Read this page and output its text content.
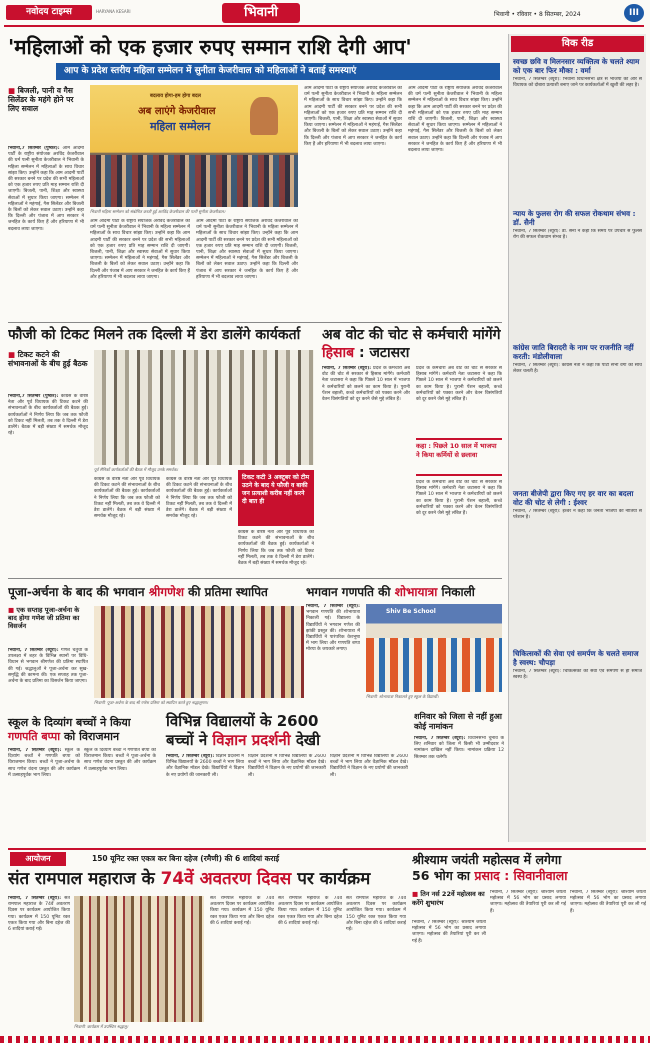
नवोदय टाइम्स	HARYANA KESARI	भिवानी	भिवानी • रविवार • 8 सितम्बर, 2024	III
'महिलाओं को एक हजार रुपए सम्मान राशि देगी आप'
आप के प्रदेश स्तरीय महिला सम्मेलन में सुनीता केजरीवाल को महिलाओं ने बताई समस्याएं
■ बिजली, पानी व गैस सिलेंडर के महंगे होने पर लिए सवाल
भिवानी,7 सितम्बर (पुष्कर): आम आदमी पार्टी के राष्ट्रीय संयोजक अरविंद केजरीवाल की धर्म पत्नी सुनीता केजरीवाल ने भिवानी के महिला सम्मेलन में महिलाओं के साथ विचार सांझा किए। उन्होंने कहा कि आम आदमी पार्टी की सरकार बनने पर प्रदेश की सभी महिलाओं को एक हजार रुपए प्रति माह सम्मान राशि दी जाएगी। बिजली, पानी, शिक्षा और स्वास्थ्य सेवाओं में सुधार किया जाएगा। सम्मेलन में महिलाओं ने महंगाई, गैस सिलेंडर और बिजली के बिलों को लेकर सवाल उठाए। उन्होंने कहा कि दिल्ली और पंजाब में आप सरकार ने जनहित के कार्य किए हैं और हरियाणा में भी बदलाव लाया जाएगा।
बदलाव होगा-हम होगा बदल
अब लाएंगे केजरीवाल
महिला सम्मेलन
भिवानी महिला सम्मेलन को संबोधित करती हुई अरविंद केजरीवाल की पत्नी सुनीता केजरीवाल।
आम आदमी पार्टी के राष्ट्रीय संयोजक अरविंद केजरीवाल की धर्म पत्नी सुनीता केजरीवाल ने भिवानी के महिला सम्मेलन में महिलाओं के साथ विचार सांझा किए। उन्होंने कहा कि आम आदमी पार्टी की सरकार बनने पर प्रदेश की सभी महिलाओं को एक हजार रुपए प्रति माह सम्मान राशि दी जाएगी। बिजली, पानी, शिक्षा और स्वास्थ्य सेवाओं में सुधार किया जाएगा। सम्मेलन में महिलाओं ने महंगाई, गैस सिलेंडर और बिजली के बिलों को लेकर सवाल उठाए। उन्होंने कहा कि दिल्ली और पंजाब में आप सरकार ने जनहित के कार्य किए हैं और हरियाणा में भी बदलाव लाया जाएगा।
आम आदमी पार्टी के राष्ट्रीय संयोजक अरविंद केजरीवाल की धर्म पत्नी सुनीता केजरीवाल ने भिवानी के महिला सम्मेलन में महिलाओं के साथ विचार सांझा किए। उन्होंने कहा कि आम आदमी पार्टी की सरकार बनने पर प्रदेश की सभी महिलाओं को एक हजार रुपए प्रति माह सम्मान राशि दी जाएगी। बिजली, पानी, शिक्षा और स्वास्थ्य सेवाओं में सुधार किया जाएगा। सम्मेलन में महिलाओं ने महंगाई, गैस सिलेंडर और बिजली के बिलों को लेकर सवाल उठाए। उन्होंने कहा कि दिल्ली और पंजाब में आप सरकार ने जनहित के कार्य किए हैं और हरियाणा में भी बदलाव लाया जाएगा।
आम आदमी पार्टी के राष्ट्रीय संयोजक अरविंद केजरीवाल की धर्म पत्नी सुनीता केजरीवाल ने भिवानी के महिला सम्मेलन में महिलाओं के साथ विचार सांझा किए। उन्होंने कहा कि आम आदमी पार्टी की सरकार बनने पर प्रदेश की सभी महिलाओं को एक हजार रुपए प्रति माह सम्मान राशि दी जाएगी। बिजली, पानी, शिक्षा और स्वास्थ्य सेवाओं में सुधार किया जाएगा। सम्मेलन में महिलाओं ने महंगाई, गैस सिलेंडर और बिजली के बिलों को लेकर सवाल उठाए। उन्होंने कहा कि दिल्ली और पंजाब में आप सरकार ने जनहित के कार्य किए हैं और हरियाणा में भी बदलाव लाया जाएगा।
आम आदमी पार्टी के राष्ट्रीय संयोजक अरविंद केजरीवाल की धर्म पत्नी सुनीता केजरीवाल ने भिवानी के महिला सम्मेलन में महिलाओं के साथ विचार सांझा किए। उन्होंने कहा कि आम आदमी पार्टी की सरकार बनने पर प्रदेश की सभी महिलाओं को एक हजार रुपए प्रति माह सम्मान राशि दी जाएगी। बिजली, पानी, शिक्षा और स्वास्थ्य सेवाओं में सुधार किया जाएगा। सम्मेलन में महिलाओं ने महंगाई, गैस सिलेंडर और बिजली के बिलों को लेकर सवाल उठाए। उन्होंने कहा कि दिल्ली और पंजाब में आप सरकार ने जनहित के कार्य किए हैं और हरियाणा में भी बदलाव लाया जाएगा।
फौजी को टिकट मिलने तक दिल्ली में डेरा डालेंगे कार्यकर्ता
■ टिकट कटने की संभावनाओं के बीच हुई बैठक
भिवानी,7 सितम्बर (पुष्कर): कांग्रेस के वरिष्ठ नेता और पूर्व विधायक की टिकट कटने की संभावनाओं के बीच कार्यकर्ताओं की बैठक हुई। कार्यकर्ताओं ने निर्णय लिया कि जब तक फौजी को टिकट नहीं मिलती, तब तक वे दिल्ली में डेरा डालेंगे। बैठक में बड़ी संख्या में समर्थक मौजूद रहे।
पूर्व सैनिकों कार्यकर्ताओं की बैठक में मौजूद उनके समर्थक।
कांग्रेस के वरिष्ठ नेता और पूर्व विधायक की टिकट कटने की संभावनाओं के बीच कार्यकर्ताओं की बैठक हुई। कार्यकर्ताओं ने निर्णय लिया कि जब तक फौजी को टिकट नहीं मिलती, तब तक वे दिल्ली में डेरा डालेंगे। बैठक में बड़ी संख्या में समर्थक मौजूद रहे।
कांग्रेस के वरिष्ठ नेता और पूर्व विधायक की टिकट कटने की संभावनाओं के बीच कार्यकर्ताओं की बैठक हुई। कार्यकर्ताओं ने निर्णय लिया कि जब तक फौजी को टिकट नहीं मिलती, तब तक वे दिल्ली में डेरा डालेंगे। बैठक में बड़ी संख्या में समर्थक मौजूद रहे।
टिकट कटी 3 अक्टूबर को टीम उठने के बाद ये फौजी व बाकी जन प्रत्याशी करीब नहीं करने दी बात ही
कांग्रेस के वरिष्ठ नेता और पूर्व विधायक की टिकट कटने की संभावनाओं के बीच कार्यकर्ताओं की बैठक हुई। कार्यकर्ताओं ने निर्णय लिया कि जब तक फौजी को टिकट नहीं मिलती, तब तक वे दिल्ली में डेरा डालेंगे। बैठक में बड़ी संख्या में समर्थक मौजूद रहे।
अब वोट की चोट से कर्मचारी मांगेंगे हिसाब : जटासरा
भिवानी, 7 सितम्बर (ब्यूरो): प्रदेश के कर्मचारी अब वोट की चोट से सरकार से हिसाब मांगेंगे। कर्मचारी नेता जटासरा ने कहा कि पिछले 10 साल में भाजपा ने कर्मचारियों को छलने का काम किया है। पुरानी पेंशन बहाली, कच्चे कर्मचारियों को पक्का करने और वेतन विसंगतियों को दूर करने जैसे मुद्दे लंबित हैं।
कहा : पिछले 10 साल में भाजपा ने किया कर्मियों से छलावा
प्रदेश के कर्मचारी अब वोट की चोट से सरकार से हिसाब मांगेंगे। कर्मचारी नेता जटासरा ने कहा कि पिछले 10 साल में भाजपा ने कर्मचारियों को छलने का काम किया है। पुरानी पेंशन बहाली, कच्चे कर्मचारियों को पक्का करने और वेतन विसंगतियों को दूर करने जैसे मुद्दे लंबित हैं।
प्रदेश के कर्मचारी अब वोट की चोट से सरकार से हिसाब मांगेंगे। कर्मचारी नेता जटासरा ने कहा कि पिछले 10 साल में भाजपा ने कर्मचारियों को छलने का काम किया है। पुरानी पेंशन बहाली, कच्चे कर्मचारियों को पक्का करने और वेतन विसंगतियों को दूर करने जैसे मुद्दे लंबित हैं।
पूजा-अर्चना के बाद की भगवान श्रीगणेश की प्रतिमा स्थापित
■ एक सप्ताह पूजा-अर्चना के बाद होगा गणेश जी प्रतिमा का विसर्जन
भिवानी, 7 सितम्बर (ब्यूरो): गणेश चतुर्थी के उपलक्ष्य में शहर के विभिन्न स्थानों पर विधि-विधान से भगवान श्रीगणेश की प्रतिमा स्थापित की गई। श्रद्धालुओं ने पूजा-अर्चना कर सुख-समृद्धि की कामना की। एक सप्ताह तक पूजा-अर्चना के बाद प्रतिमा का विसर्जन किया जाएगा।
भिवानी: पूजा-अर्चना के बाद श्री गणेश प्रतिमा को स्थापित करते हुए श्रद्धालुगण।
भगवान गणपति की शोभायात्रा निकाली
भिवानी, 7 सितम्बर (ब्यूरो): भगवान गणपति की शोभायात्रा निकाली गई। विद्यालय के विद्यार्थियों ने भगवान गणेश की झांकी प्रस्तुत की। शोभायात्रा में विद्यार्थियों ने पारंपरिक वेशभूषा में भाग लिया और गणपति बप्पा मोरया के जयकारे लगाए।
Shiv Be School
भिवानी: शोभायात्रा निकालते हुए स्कूल के विद्यार्थी।
स्कूल के दिव्यांग बच्चों ने किया गणपति बप्पा को विराजमान
भिवानी, 7 सितम्बर (ब्यूरो): स्कूल के दिव्यांग बच्चों ने गणपति बप्पा को विराजमान किया। बच्चों ने पूजा-अर्चना के साथ गणेश वंदना प्रस्तुत की और कार्यक्रम में उत्साहपूर्वक भाग लिया।
स्कूल के दिव्यांग बच्चों ने गणपति बप्पा को विराजमान किया। बच्चों ने पूजा-अर्चना के साथ गणेश वंदना प्रस्तुत की और कार्यक्रम में उत्साहपूर्वक भाग लिया।
विभिन्न विद्यालयों के 2600
बच्चों ने विज्ञान प्रदर्शनी देखी
भिवानी, 7 सितम्बर (ब्यूरो): विज्ञान प्रदर्शनी में विभिन्न विद्यालयों के 2600 बच्चों ने भाग लिया और वैज्ञानिक मॉडल देखे। विद्यार्थियों ने विज्ञान के नए प्रयोगों की जानकारी ली।
विज्ञान प्रदर्शनी में विभिन्न विद्यालयों के 2600 बच्चों ने भाग लिया और वैज्ञानिक मॉडल देखे। विद्यार्थियों ने विज्ञान के नए प्रयोगों की जानकारी ली।
विज्ञान प्रदर्शनी में विभिन्न विद्यालयों के 2600 बच्चों ने भाग लिया और वैज्ञानिक मॉडल देखे। विद्यार्थियों ने विज्ञान के नए प्रयोगों की जानकारी ली।
शनिवार को जिला से नहीं हुआ कोई नामांकन
भिवानी, 7 सितम्बर (ब्यूरो): विधानसभा चुनाव के लिए शनिवार को जिला में किसी भी उम्मीदवार ने नामांकन दाखिल नहीं किया। नामांकन प्रक्रिया 12 सितम्बर तक चलेगी।
विक रीड
स्वच्छ छवि व मिलनसार व्यक्तित्व के चलते श्याम को एक बार फिर मौका : वर्मा
भिवानी, 7 सितम्बर (ब्यूरो): भिवानी विधानसभा क्षेत्र से भाजपा की ओर से विधायक को दोबारा प्रत्याशी बनाए जाने पर कार्यकर्ताओं में खुशी की लहर है।
न्याय के फुलस रोग की सफल रोकथाम संभव : डॉ. सैनी
भिवानी, 7 सितम्बर (ब्यूरो): डॉ. सैनी ने कहा कि समय पर उपचार से फुलस रोग की सफल रोकथाम संभव है।
कांग्रेस जाति बिरादरी के नाम पर राजनीति नहीं करती: मंडोलीवाला
भिवानी, 7 सितम्बर (ब्यूरो): कांग्रेस नेता ने कहा कि पार्टी सभी वर्गों को साथ लेकर चलती है।
जनता बीजेपी द्वारा किए गए हर वार का बदला वोट की चोट से लेगी : ईश्वर
भिवानी, 7 सितम्बर (ब्यूरो): ईश्वर ने कहा कि जनता भाजपा की नीतियों से परेशान है।
चिकित्सकों की सेवा एवं समर्पण के चलते समाज है स्वस्थ: चौपड़ा
भिवानी, 7 सितम्बर (ब्यूरो): चिकित्सकों की सेवा एवं समर्पण से ही समाज स्वस्थ है।
आयोजन	150 यूनिट रक्त एकत्र कर बिना दहेज (रमैणी) की 6 शादियां कराई
संत रामपाल महाराज के 74वें अवतरण दिवस पर कार्यक्रम
भिवानी, 7 सितम्बर (ब्यूरो): संत रामपाल महाराज के 74वें अवतरण दिवस पर कार्यक्रम आयोजित किया गया। कार्यक्रम में 150 यूनिट रक्त एकत्र किया गया और बिना दहेज की 6 शादियां कराई गईं।
भिवानी: कार्यक्रम में उपस्थित श्रद्धालु।
संत रामपाल महाराज के 74वें अवतरण दिवस पर कार्यक्रम आयोजित किया गया। कार्यक्रम में 150 यूनिट रक्त एकत्र किया गया और बिना दहेज की 6 शादियां कराई गईं।
संत रामपाल महाराज के 74वें अवतरण दिवस पर कार्यक्रम आयोजित किया गया। कार्यक्रम में 150 यूनिट रक्त एकत्र किया गया और बिना दहेज की 6 शादियां कराई गईं।
संत रामपाल महाराज के 74वें अवतरण दिवस पर कार्यक्रम आयोजित किया गया। कार्यक्रम में 150 यूनिट रक्त एकत्र किया गया और बिना दहेज की 6 शादियां कराई गईं।
श्रीश्याम जयंती महोत्सव में लगेगा
56 भोग का प्रसाद : सिवानीवाला
■ तिन नर्स 22वें महोत्सव का करेंगे शुभारंभ
भिवानी, 7 सितम्बर (ब्यूरो): श्रीश्याम जयंती महोत्सव में 56 भोग का प्रसाद लगाया जाएगा। महोत्सव की तैयारियां पूरी कर ली गई हैं।
भिवानी, 7 सितम्बर (ब्यूरो): श्रीश्याम जयंती महोत्सव में 56 भोग का प्रसाद लगाया जाएगा। महोत्सव की तैयारियां पूरी कर ली गई हैं।
भिवानी, 7 सितम्बर (ब्यूरो): श्रीश्याम जयंती महोत्सव में 56 भोग का प्रसाद लगाया जाएगा। महोत्सव की तैयारियां पूरी कर ली गई हैं।
